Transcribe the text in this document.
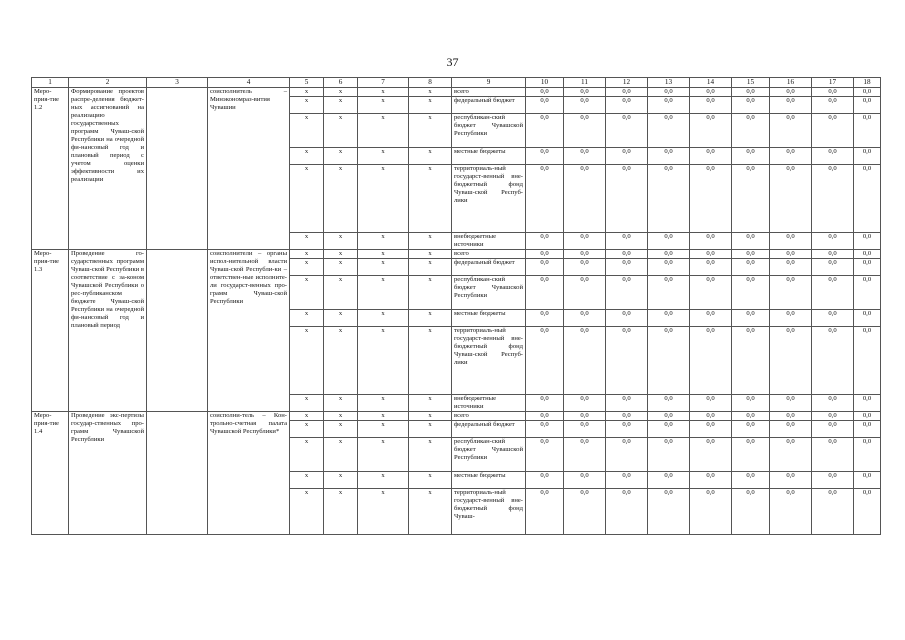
37
1	2	3	4	5	6	7	8	9	10	11	12	13	14	15	16	17	18
Меро-прия-тие 1.2	Формирование проектов распре-деления бюджет-ных ассигнований на реализацию государственных программ Чуваш-ской Республики на очередной фи-нансовый год и плановый период с учетом оценки эффективности их реализации		соисполнитель – Минэкономраз-вития Чувашии	x	x	x	x	всего	0,0	0,0	0,0	0,0	0,0	0,0	0,0	0,0	0,0
				x	x	x	x	федеральный бюджет	0,0	0,0	0,0	0,0	0,0	0,0	0,0	0,0	0,0
				x	x	x	x	республикан-ский бюджет Чувашской Республики	0,0	0,0	0,0	0,0	0,0	0,0	0,0	0,0	0,0
				x	x	x	x	местные бюджеты	0,0	0,0	0,0	0,0	0,0	0,0	0,0	0,0	0,0
				x	x	x	x	территориаль-ный государст-венный вне-бюджетный фонд Чуваш-ской Респуб-лики	0,0	0,0	0,0	0,0	0,0	0,0	0,0	0,0	0,0
				x	x	x	x	внебюджетные источники	0,0	0,0	0,0	0,0	0,0	0,0	0,0	0,0	0,0
Меро-прия-тие 1.3	Проведение го-сударственных программ Чуваш-ской Республики в соответствие с за-коном Чувашской Республики о рес-публиканском бюджете Чуваш-ской Республики на очередной фи-нансовый год и плановый период		соисполнители – органы испол-нительной власти Чуваш-ской Республи-ки – ответствен-ные исполните-ли государст-венных про-грамм Чуваш-ской Республики	x	x	x	x	всего	0,0	0,0	0,0	0,0	0,0	0,0	0,0	0,0	0,0
				x	x	x	x	федеральный бюджет	0,0	0,0	0,0	0,0	0,0	0,0	0,0	0,0	0,0
				x	x	x	x	республикан-ский бюджет Чувашской Республики	0,0	0,0	0,0	0,0	0,0	0,0	0,0	0,0	0,0
				x	x	x	x	местные бюджеты	0,0	0,0	0,0	0,0	0,0	0,0	0,0	0,0	0,0
				x	x	x	x	территориаль-ный государст-венный вне-бюджетный фонд Чуваш-ской Респуб-лики	0,0	0,0	0,0	0,0	0,0	0,0	0,0	0,0	0,0
				x	x	x	x	внебюджетные источники	0,0	0,0	0,0	0,0	0,0	0,0	0,0	0,0	0,0
Меро-прия-тие 1.4	Проведение экс-пертизы государ-ственных про-грамм Чувашской Республики		соисполни-тель – Кон-трольно-счетная палата Чувашской Республики*	x	x	x	x	всего	0,0	0,0	0,0	0,0	0,0	0,0	0,0	0,0	0,0
				x	x	x	x	федеральный бюджет	0,0	0,0	0,0	0,0	0,0	0,0	0,0	0,0	0,0
				x	x	x	x	республикан-ский бюджет Чувашской Республики	0,0	0,0	0,0	0,0	0,0	0,0	0,0	0,0	0,0
				x	x	x	x	местные бюджеты	0,0	0,0	0,0	0,0	0,0	0,0	0,0	0,0	0,0
				x	x	x	x	территориаль-ный государст-венный вне-бюджетный фонд Чуваш-	0,0	0,0	0,0	0,0	0,0	0,0	0,0	0,0	0,0
